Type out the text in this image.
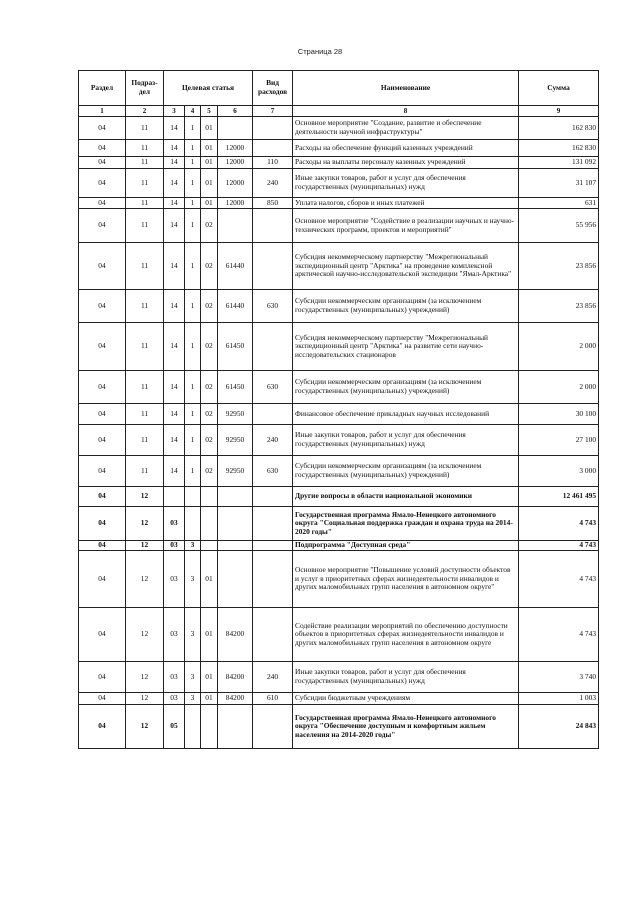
Страница 28
Раздел	Подраз-дел	Целевая статья				Вид расходов	Наименование	Сумма
1	2	3	4	5	6	7	8	9
04	11	14	1	01			Основное мероприятие "Создание, развитие и обеспечение деятельности научной инфраструктуры"	162 830
04	11	14	1	01	12000		Расходы на обеспечение функций казенных учреждений	162 830
04	11	14	1	01	12000	110	Расходы на выплаты персоналу казенных учреждений	131 092
04	11	14	1	01	12000	240	Иные закупки товаров, работ и услуг для обеспечения государственных (муниципальных) нужд	31 107
04	11	14	1	01	12000	850	Уплата налогов, сборов и иных платежей	631
04	11	14	1	02			Основное мероприятие "Содействие в реализации научных и научно-технических программ, проектов и мероприятий"	55 956
04	11	14	1	02	61440		Субсидия некоммерческому партнерству "Межрегиональный экспедиционный центр "Арктика" на проведение комплексной арктической научно-исследовательской экспедиции "Ямал-Арктика"	23 856
04	11	14	1	02	61440	630	Субсидии некоммерческим организациям (за исключением государственных (муниципальных) учреждений)	23 856
04	11	14	1	02	61450		Субсидия некоммерческому партнерству "Межрегиональный экспедиционный центр "Арктика" на развитие сети научно-исследовательских стационаров	2 000
04	11	14	1	02	61450	630	Субсидии некоммерческим организациям (за исключением государственных (муниципальных) учреждений)	2 000
04	11	14	1	02	92950		Финансовое обеспечение прикладных научных исследований	30 100
04	11	14	1	02	92950	240	Иные закупки товаров, работ и услуг для обеспечения государственных (муниципальных) нужд	27 100
04	11	14	1	02	92950	630	Субсидии некоммерческим организациям (за исключением государственных (муниципальных) учреждений)	3 000
04	12						Другие вопросы в области национальной экономики	12 461 495
04	12	03					Государственная программа Ямало-Ненецкого автономного округа "Социальная поддержка граждан и охрана труда на 2014-2020 годы"	4 743
04	12	03	3				Подпрограмма "Доступная среда"	4 743
04	12	03	3	01			Основное мероприятие "Повышение условий доступности объектов и услуг в приоритетных сферах жизнедеятельности инвалидов и других маломобильных групп населения в автономном округе"	4 743
04	12	03	3	01	84200		Содействие реализации мероприятий по обеспечению доступности объектов в приоритетных сферах жизнедеятельности инвалидов и других маломобильных групп населения в автономном округе	4 743
04	12	03	3	01	84200	240	Иные закупки товаров, работ и услуг для обеспечения государственных (муниципальных) нужд	3 740
04	12	03	3	01	84200	610	Субсидии бюджетным учреждениям	1 003
04	12	05					Государственная программа Ямало-Ненецкого автономного округа "Обеспечение доступным и комфортным жильем населения на 2014-2020 годы"	24 843
